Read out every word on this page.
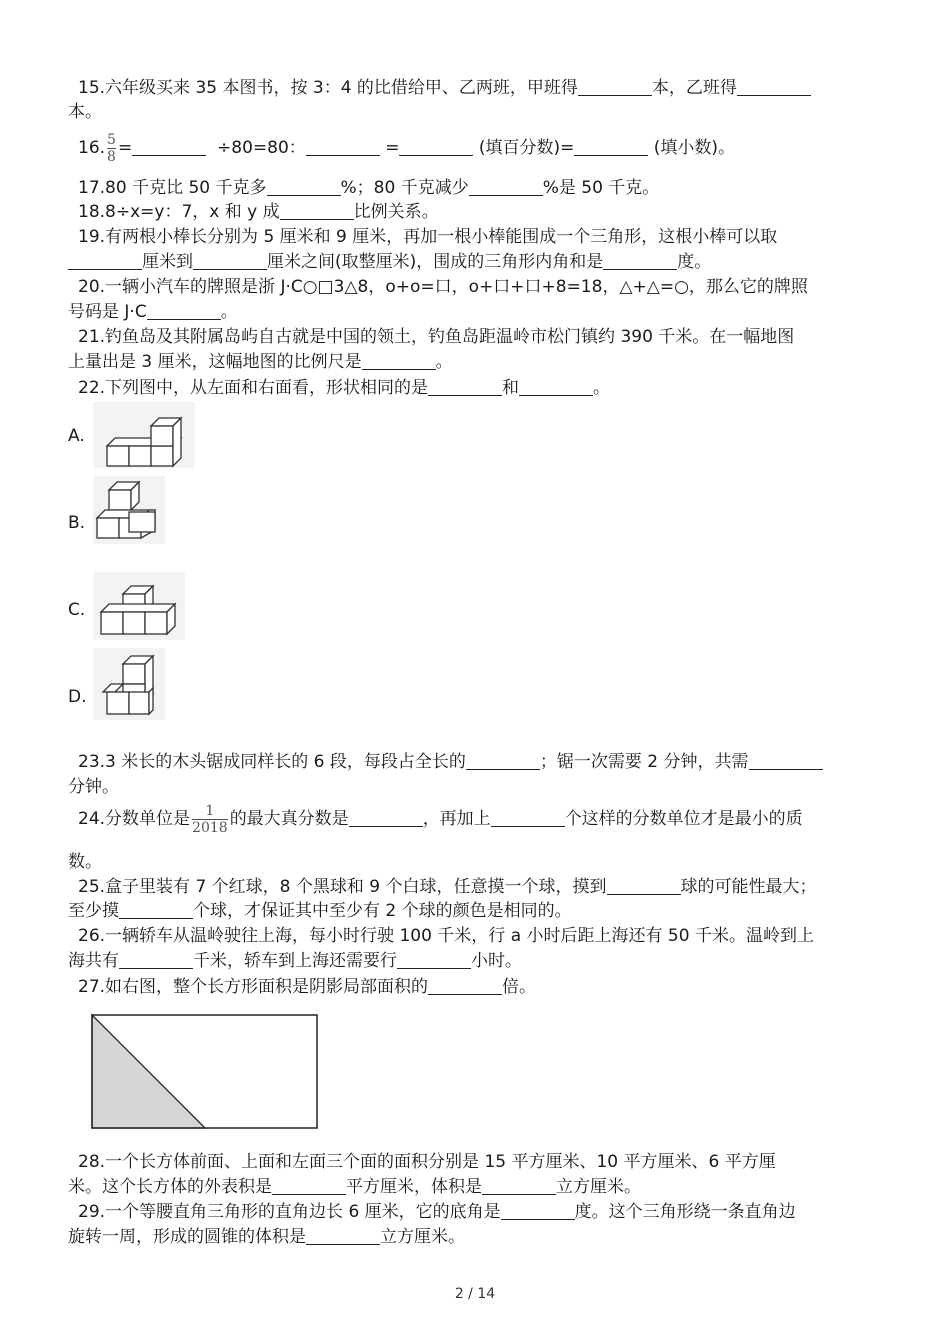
15.六年级买来 35 本图书，按 3：4 的比借给甲、乙两班，甲班得	本，乙班得
本。
16. $\frac{5}{8}$ =	÷80=80：	=	(填百分数)=	(填小数)。
17.80 千克比 50 千克多	%；80 千克减少	%是 50 千克。
18.8÷x=y：7，x 和 y 成	比例关系。
19.有两根小棒长分别为 5 厘米和 9 厘米，再加一根小棒能围成一个三角形，这根小棒可以取
厘米到	厘米之间(取整厘米)，围成的三角形内角和是	度。
20.一辆小汽车的牌照是浙 J·C○□3△8，o+o=口，o+口+口+8=18，△+△=○，那么它的牌照
号码是 J·C	。
21.钓鱼岛及其附属岛屿自古就是中国的领土，钓鱼岛距温岭市松门镇约 390 千米。在一幅地图
上量出是 3 厘米，这幅地图的比例尺是	。
22.下列图中，从左面和右面看，形状相同的是	和	。
A.
B.
C.
D.
23.3 米长的木头锯成同样长的 6 段，每段占全长的	；锯一次需要 2 分钟，共需
分钟。
24.分数单位是 $\frac{1}{2018}$ 的最大真分数是	，再加上	个这样的分数单位才是最小的质
数。
25.盒子里装有 7 个红球，8 个黑球和 9 个白球，任意摸一个球，摸到	球的可能性最大；
至少摸	个球，才保证其中至少有 2 个球的颜色是相同的。
26.一辆轿车从温岭驶往上海，每小时行驶 100 千米，行 a 小时后距上海还有 50 千米。温岭到上
海共有	千米，轿车到上海还需要行	小时。
27.如右图，整个长方形面积是阴影局部面积的	倍。
28.一个长方体前面、上面和左面三个面的面积分别是 15 平方厘米、10 平方厘米、6 平方厘
米。这个长方体的外表积是	平方厘米，体积是	立方厘米。
29.一个等腰直角三角形的直角边长 6 厘米，它的底角是	度。这个三角形绕一条直角边
旋转一周，形成的圆锥的体积是	立方厘米。
2 / 14
